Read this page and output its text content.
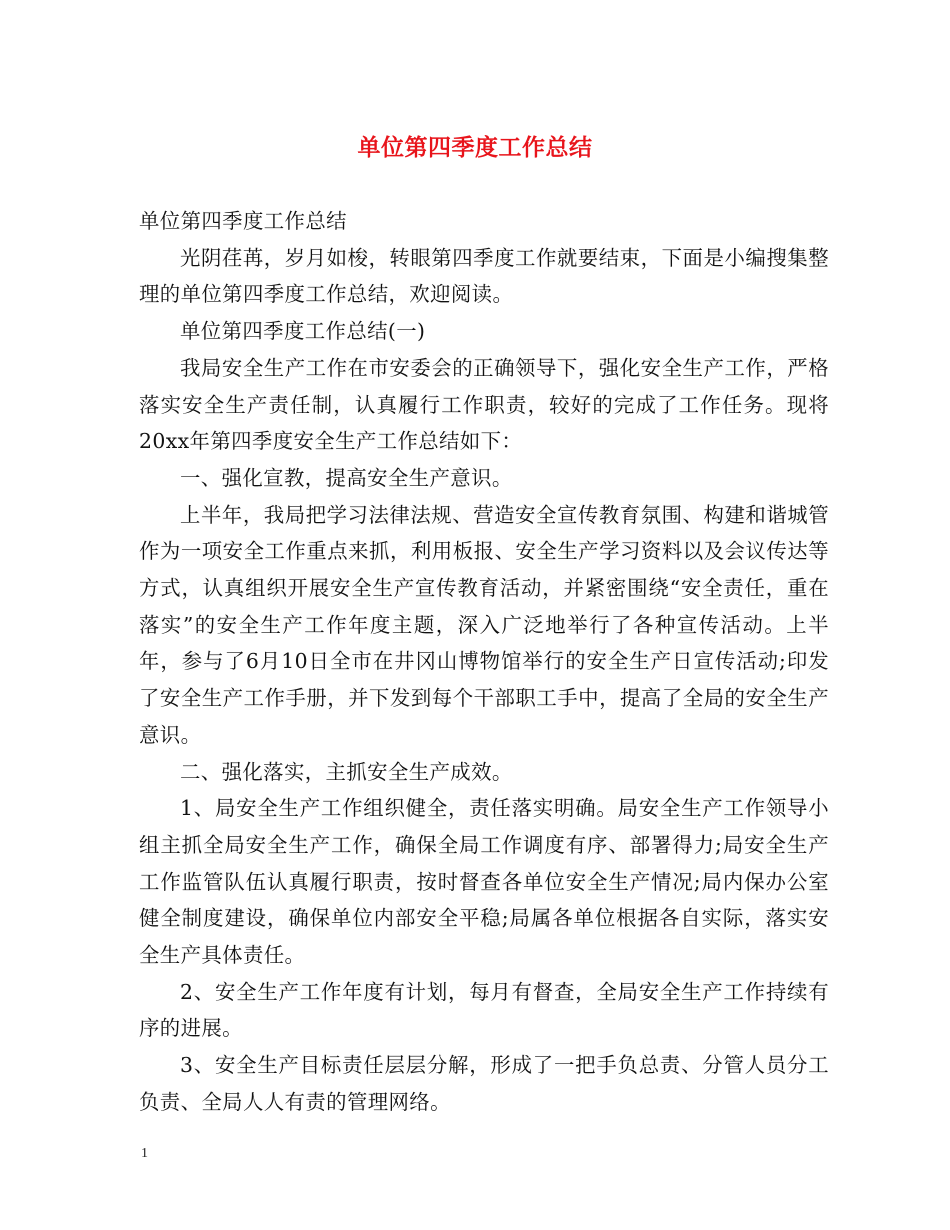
单位第四季度工作总结

单位第四季度工作总结

光阴荏苒，岁月如梭，转眼第四季度工作就要结束，下面是小编搜集整理的单位第四季度工作总结，欢迎阅读。

单位第四季度工作总结(一)

我局安全生产工作在市安委会的正确领导下，强化安全生产工作，严格落实安全生产责任制，认真履行工作职责，较好的完成了工作任务。现将20xx年第四季度安全生产工作总结如下：

一、强化宣教，提高安全生产意识。

上半年，我局把学习法律法规、营造安全宣传教育氛围、构建和谐城管作为一项安全工作重点来抓，利用板报、安全生产学习资料以及会议传达等方式，认真组织开展安全生产宣传教育活动，并紧密围绕“安全责任，重在落实”的安全生产工作年度主题，深入广泛地举行了各种宣传活动。上半年，参与了6月10日全市在井冈山博物馆举行的安全生产日宣传活动;印发了安全生产工作手册，并下发到每个干部职工手中，提高了全局的安全生产意识。

二、强化落实，主抓安全生产成效。

1、局安全生产工作组织健全，责任落实明确。局安全生产工作领导小组主抓全局安全生产工作，确保全局工作调度有序、部署得力;局安全生产工作监管队伍认真履行职责，按时督查各单位安全生产情况;局内保办公室健全制度建设，确保单位内部安全平稳;局属各单位根据各自实际，落实安全生产具体责任。

2、安全生产工作年度有计划，每月有督查，全局安全生产工作持续有序的进展。

3、安全生产目标责任层层分解，形成了一把手负总责、分管人员分工负责、全局人人有责的管理网络。

1
